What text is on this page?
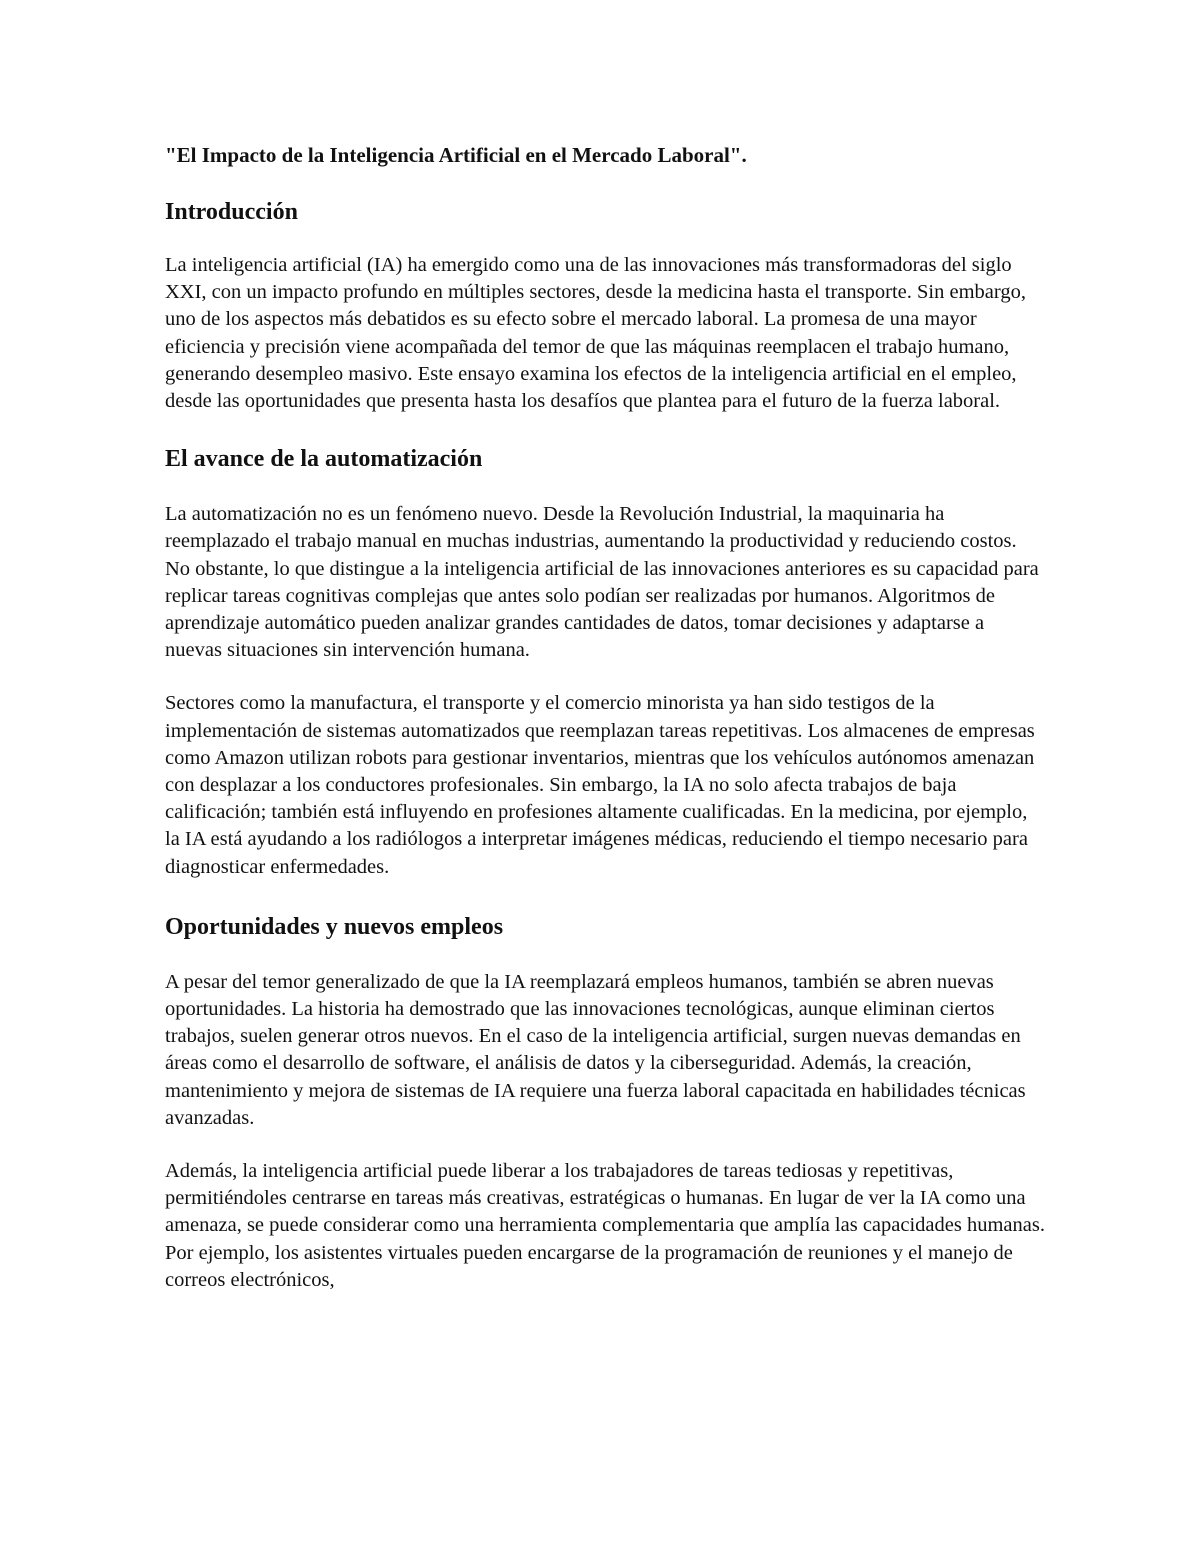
"El Impacto de la Inteligencia Artificial en el Mercado Laboral".

Introducción

La inteligencia artificial (IA) ha emergido como una de las innovaciones más transformadoras del siglo XXI, con un impacto profundo en múltiples sectores, desde la medicina hasta el transporte. Sin embargo, uno de los aspectos más debatidos es su efecto sobre el mercado laboral. La promesa de una mayor eficiencia y precisión viene acompañada del temor de que las máquinas reemplacen el trabajo humano, generando desempleo masivo. Este ensayo examina los efectos de la inteligencia artificial en el empleo, desde las oportunidades que presenta hasta los desafíos que plantea para el futuro de la fuerza laboral.

El avance de la automatización

La automatización no es un fenómeno nuevo. Desde la Revolución Industrial, la maquinaria ha reemplazado el trabajo manual en muchas industrias, aumentando la productividad y reduciendo costos. No obstante, lo que distingue a la inteligencia artificial de las innovaciones anteriores es su capacidad para replicar tareas cognitivas complejas que antes solo podían ser realizadas por humanos. Algoritmos de aprendizaje automático pueden analizar grandes cantidades de datos, tomar decisiones y adaptarse a nuevas situaciones sin intervención humana.

Sectores como la manufactura, el transporte y el comercio minorista ya han sido testigos de la implementación de sistemas automatizados que reemplazan tareas repetitivas. Los almacenes de empresas como Amazon utilizan robots para gestionar inventarios, mientras que los vehículos autónomos amenazan con desplazar a los conductores profesionales. Sin embargo, la IA no solo afecta trabajos de baja calificación; también está influyendo en profesiones altamente cualificadas. En la medicina, por ejemplo, la IA está ayudando a los radiólogos a interpretar imágenes médicas, reduciendo el tiempo necesario para diagnosticar enfermedades.

Oportunidades y nuevos empleos

A pesar del temor generalizado de que la IA reemplazará empleos humanos, también se abren nuevas oportunidades. La historia ha demostrado que las innovaciones tecnológicas, aunque eliminan ciertos trabajos, suelen generar otros nuevos. En el caso de la inteligencia artificial, surgen nuevas demandas en áreas como el desarrollo de software, el análisis de datos y la ciberseguridad. Además, la creación, mantenimiento y mejora de sistemas de IA requiere una fuerza laboral capacitada en habilidades técnicas avanzadas.

Además, la inteligencia artificial puede liberar a los trabajadores de tareas tediosas y repetitivas, permitiéndoles centrarse en tareas más creativas, estratégicas o humanas. En lugar de ver la IA como una amenaza, se puede considerar como una herramienta complementaria que amplía las capacidades humanas. Por ejemplo, los asistentes virtuales pueden encargarse de la programación de reuniones y el manejo de correos electrónicos,
